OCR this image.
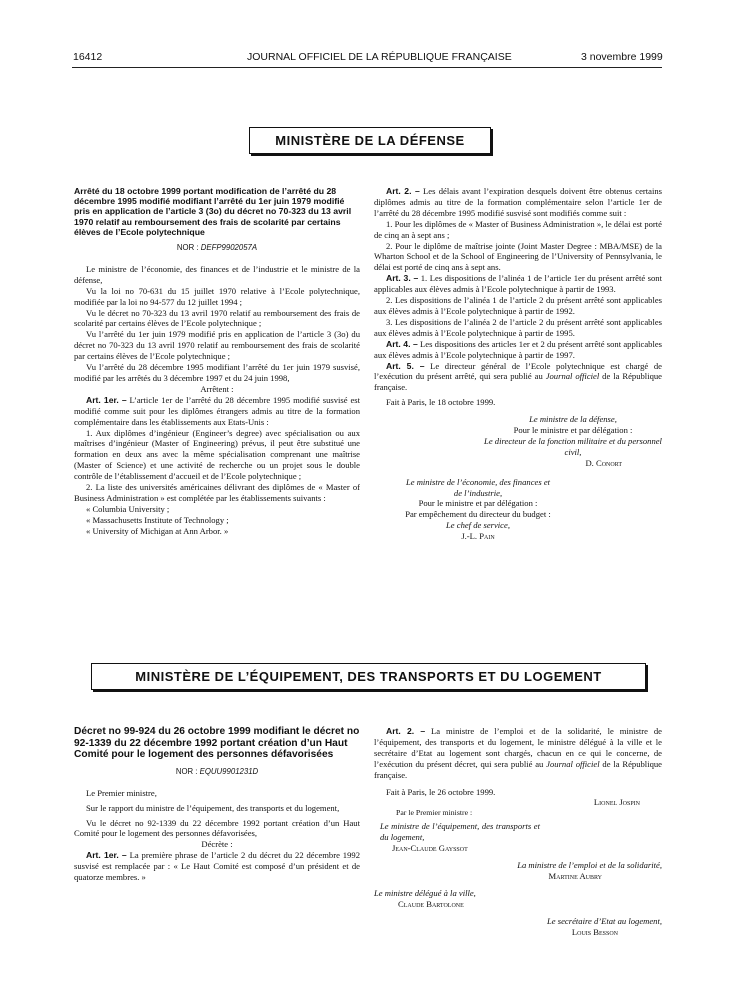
16412	JOURNAL OFFICIEL DE LA RÉPUBLIQUE FRANÇAISE	3 novembre 1999
MINISTÈRE DE LA DÉFENSE
Arrêté du 18 octobre 1999 portant modification de l’arrêté du 28 décembre 1995 modifié modifiant l’arrêté du 1er juin 1979 modifié pris en application de l’article 3 (3o) du décret no 70-323 du 13 avril 1970 relatif au remboursement des frais de scolarité par certains élèves de l’Ecole polytechnique
NOR : DEFP9902057A

Le ministre de l’économie, des finances et de l’industrie et le ministre de la défense,

Vu la loi no 70-631 du 15 juillet 1970 relative à l’Ecole polytechnique, modifiée par la loi no 94-577 du 12 juillet 1994 ;

Vu le décret no 70-323 du 13 avril 1970 relatif au remboursement des frais de scolarité par certains élèves de l’Ecole polytechnique ;

Vu l’arrêté du 1er juin 1979 modifié pris en application de l’article 3 (3o) du décret no 70-323 du 13 avril 1970 relatif au remboursement des frais de scolarité par certains élèves de l’Ecole polytechnique ;

Vu l’arrêté du 28 décembre 1995 modifiant l’arrêté du 1er juin 1979 susvisé, modifié par les arrêtés du 3 décembre 1997 et du 24 juin 1998,

Arrêtent :

Art. 1er. – L’article 1er de l’arrêté du 28 décembre 1995 modifié susvisé est modifié comme suit pour les diplômes étrangers admis au titre de la formation complémentaire dans les établissements aux Etats-Unis :

1. Aux diplômes d’ingénieur (Engineer’s degree) avec spécialisation ou aux maîtrises d’ingénieur (Master of Engineering) prévus, il peut être substitué une formation en deux ans avec la même spécialisation comprenant une maîtrise (Master of Science) et une activité de recherche ou un projet sous le double contrôle de l’établissement d’accueil et de l’Ecole polytechnique ;

2. La liste des universités américaines délivrant des diplômes de « Master of Business Administration » est complétée par les établissements suivants :

« Columbia University ;

« Massachusetts Institute of Technology ;

« University of Michigan at Ann Arbor. »

Art. 2. – Les délais avant l’expiration desquels doivent être obtenus certains diplômes admis au titre de la formation complémentaire selon l’article 1er de l’arrêté du 28 décembre 1995 modifié susvisé sont modifiés comme suit :

1. Pour les diplômes de « Master of Business Administration », le délai est porté de cinq an à sept ans ;

2. Pour le diplôme de maîtrise jointe (Joint Master Degree : MBA/MSE) de la Wharton School et de la School of Engineering de l’University of Pennsylvania, le délai est porté de cinq ans à sept ans.

Art. 3. – 1. Les dispositions de l’alinéa 1 de l’article 1er du présent arrêté sont applicables aux élèves admis à l’Ecole polytechnique à partir de 1993.

2. Les dispositions de l’alinéa 1 de l’article 2 du présent arrêté sont applicables aux élèves admis à l’Ecole polytechnique à partir de 1992.

3. Les dispositions de l’alinéa 2 de l’article 2 du présent arrêté sont applicables aux élèves admis à l’Ecole polytechnique à partir de 1995.

Art. 4. – Les dispositions des articles 1er et 2 du présent arrêté sont applicables aux élèves admis à l’Ecole polytechnique à partir de 1997.

Art. 5. – Le directeur général de l’Ecole polytechnique est chargé de l’exécution du présent arrêté, qui sera publié au Journal officiel de la République française.

Fait à Paris, le 18 octobre 1999.

Le ministre de la défense,
Pour le ministre et par délégation :
Le directeur de la fonction militaire et du personnel civil,
D. Conort
Le ministre de l’économie, des finances et de l’industrie,
Pour le ministre et par délégation :
Par empêchement du directeur du budget :
Le chef de service,
J.-L. Pain
MINISTÈRE DE L’ÉQUIPEMENT, DES TRANSPORTS ET DU LOGEMENT
Décret no 99-924 du 26 octobre 1999 modifiant le décret no 92-1339 du 22 décembre 1992 portant création d’un Haut Comité pour le logement des personnes défavorisées
NOR : EQUU9901231D

Le Premier ministre,

Sur le rapport du ministre de l’équipement, des transports et du logement,

Vu le décret no 92-1339 du 22 décembre 1992 portant création d’un Haut Comité pour le logement des personnes défavorisées,

Décrète :

Art. 1er. – La première phrase de l’article 2 du décret du 22 décembre 1992 susvisé est remplacée par : « Le Haut Comité est composé d’un président et de quatorze membres. »

Art. 2. – La ministre de l’emploi et de la solidarité, le ministre de l’équipement, des transports et du logement, le ministre délégué à la ville et le secrétaire d’Etat au logement sont chargés, chacun en ce qui le concerne, de l’exécution du présent décret, qui sera publié au Journal officiel de la République française.

Fait à Paris, le 26 octobre 1999.

Lionel Jospin
Par le Premier ministre :
Le ministre de l’équipement, des transports et du logement,
Jean-Claude Gayssot
La ministre de l’emploi et de la solidarité,
Martine Aubry
Le ministre délégué à la ville,
Claude Bartolone
Le secrétaire d’Etat au logement,
Louis Besson
